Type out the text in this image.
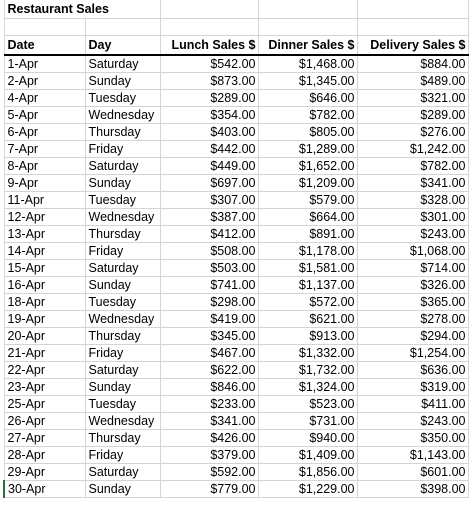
Restaurant Sales				

Date	Day	Lunch Sales $	Dinner Sales $	Delivery Sales $
1-Apr	Saturday	$542.00	$1,468.00	$884.00
2-Apr	Sunday	$873.00	$1,345.00	$489.00
4-Apr	Tuesday	$289.00	$646.00	$321.00
5-Apr	Wednesday	$354.00	$782.00	$289.00
6-Apr	Thursday	$403.00	$805.00	$276.00
7-Apr	Friday	$442.00	$1,289.00	$1,242.00
8-Apr	Saturday	$449.00	$1,652.00	$782.00
9-Apr	Sunday	$697.00	$1,209.00	$341.00
11-Apr	Tuesday	$307.00	$579.00	$328.00
12-Apr	Wednesday	$387.00	$664.00	$301.00
13-Apr	Thursday	$412.00	$891.00	$243.00
14-Apr	Friday	$508.00	$1,178.00	$1,068.00
15-Apr	Saturday	$503.00	$1,581.00	$714.00
16-Apr	Sunday	$741.00	$1,137.00	$326.00
18-Apr	Tuesday	$298.00	$572.00	$365.00
19-Apr	Wednesday	$419.00	$621.00	$278.00
20-Apr	Thursday	$345.00	$913.00	$294.00
21-Apr	Friday	$467.00	$1,332.00	$1,254.00
22-Apr	Saturday	$622.00	$1,732.00	$636.00
23-Apr	Sunday	$846.00	$1,324.00	$319.00
25-Apr	Tuesday	$233.00	$523.00	$411.00
26-Apr	Wednesday	$341.00	$731.00	$243.00
27-Apr	Thursday	$426.00	$940.00	$350.00
28-Apr	Friday	$379.00	$1,409.00	$1,143.00
29-Apr	Saturday	$592.00	$1,856.00	$601.00
30-Apr	Sunday	$779.00	$1,229.00	$398.00
